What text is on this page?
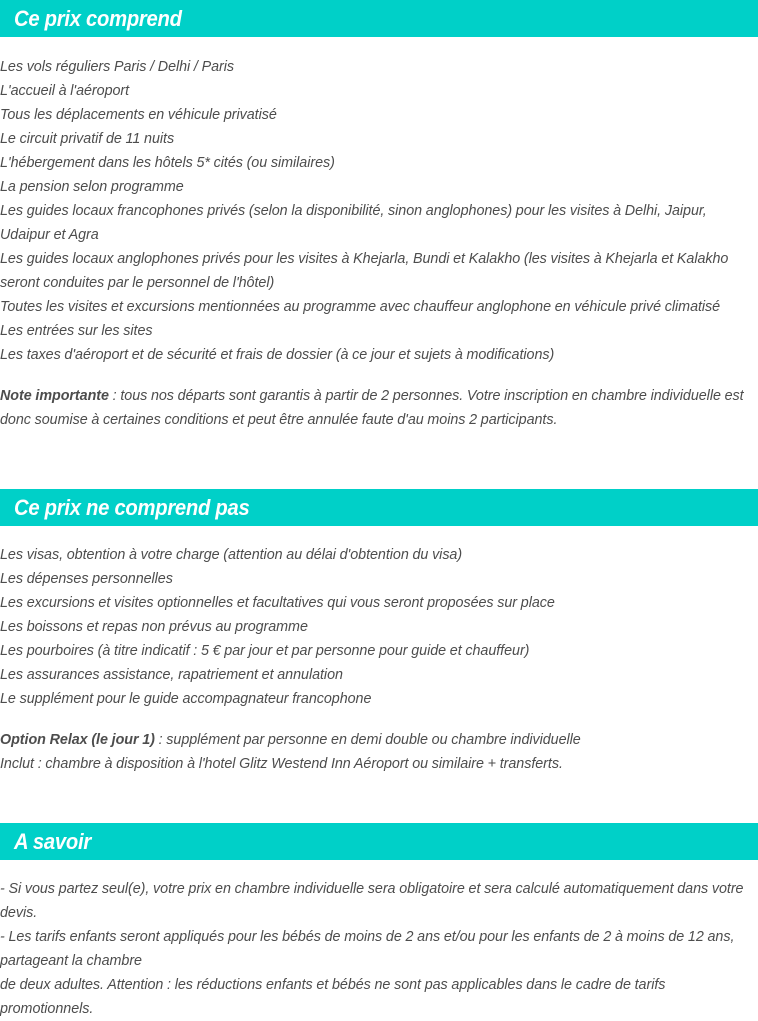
Ce prix comprend

Les vols réguliers Paris / Delhi / Paris

L'accueil à l'aéroport

Tous les déplacements en véhicule privatisé

Le circuit privatif de 11 nuits

L'hébergement dans les hôtels 5* cités (ou similaires)

La pension selon programme

Les guides locaux francophones privés (selon la disponibilité, sinon anglophones) pour les visites à Delhi, Jaipur, Udaipur et Agra

Les guides locaux anglophones privés pour les visites à Khejarla, Bundi et Kalakho (les visites à Khejarla et Kalakho seront conduites par le personnel de l'hôtel)

Toutes les visites et excursions mentionnées au programme avec chauffeur anglophone en véhicule privé climatisé

Les entrées sur les sites

Les taxes d'aéroport et de sécurité et frais de dossier (à ce jour et sujets à modifications)

Note importante : tous nos départs sont garantis à partir de 2 personnes. Votre inscription en chambre individuelle est donc soumise à certaines conditions et peut être annulée faute d'au moins 2 participants.

Ce prix ne comprend pas

Les visas, obtention à votre charge (attention au délai d'obtention du visa)

Les dépenses personnelles

Les excursions et visites optionnelles et facultatives qui vous seront proposées sur place

Les boissons et repas non prévus au programme

Les pourboires (à titre indicatif : 5 € par jour et par personne pour guide et chauffeur)

Les assurances assistance, rapatriement et annulation

Le supplément pour le guide accompagnateur francophone

Option Relax (le jour 1) : supplément par personne en demi double ou chambre individuelle

Inclut : chambre à disposition à l'hotel Glitz Westend Inn Aéroport ou similaire + transferts.

A savoir

- Si vous partez seul(e), votre prix en chambre individuelle sera obligatoire et sera calculé automatiquement dans votre devis.

- Les tarifs enfants seront appliqués pour les bébés de moins de 2 ans et/ou pour les enfants de 2 à moins de 12 ans, partageant la chambre

de deux adultes. Attention : les réductions enfants et bébés ne sont pas applicables dans le cadre de tarifs promotionnels.
